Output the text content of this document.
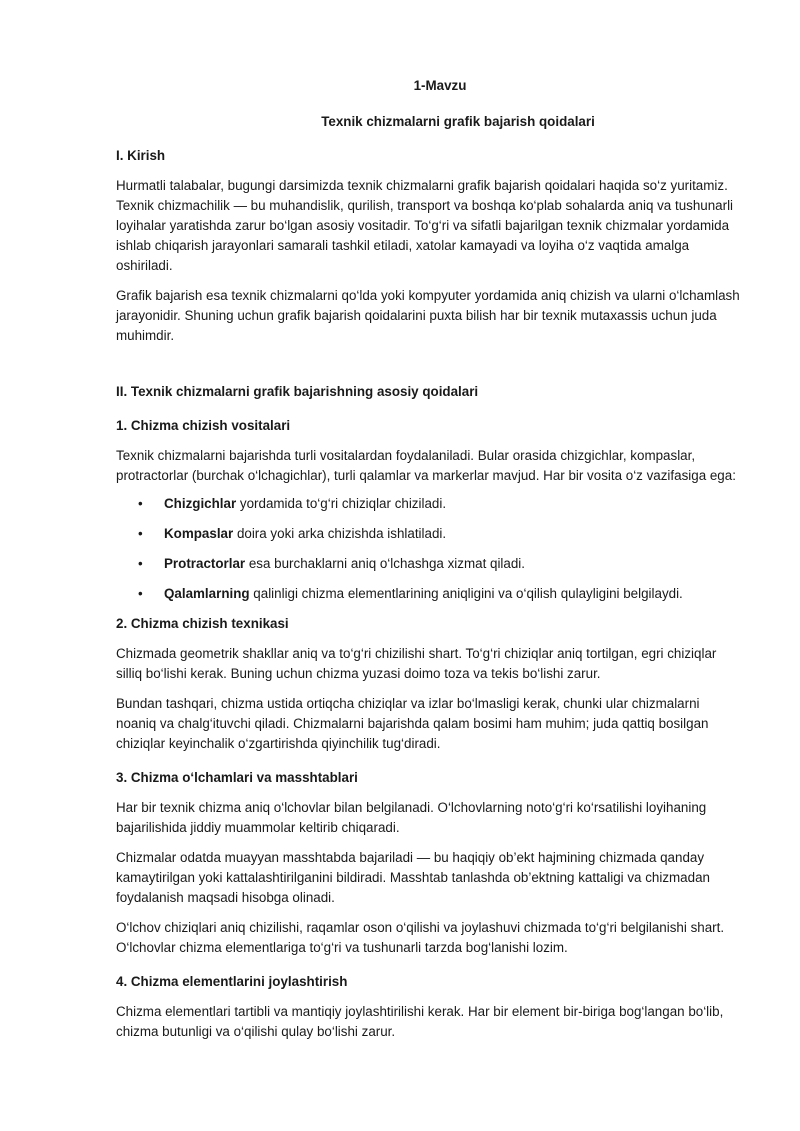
1-Mavzu
Texnik chizmalarni grafik bajarish qoidalari
I. Kirish

Hurmatli talabalar, bugungi darsimizda texnik chizmalarni grafik bajarish qoidalari haqida so‘z yuritamiz. Texnik chizmachilik — bu muhandislik, qurilish, transport va boshqa ko‘plab sohalarda aniq va tushunarli loyihalar yaratishda zarur bo‘lgan asosiy vositadir. To‘g‘ri va sifatli bajarilgan texnik chizmalar yordamida ishlab chiqarish jarayonlari samarali tashkil etiladi, xatolar kamayadi va loyiha o‘z vaqtida amalga oshiriladi.

Grafik bajarish esa texnik chizmalarni qo‘lda yoki kompyuter yordamida aniq chizish va ularni o‘lchamlash jarayonidir. Shuning uchun grafik bajarish qoidalarini puxta bilish har bir texnik mutaxassis uchun juda muhimdir.

II. Texnik chizmalarni grafik bajarishning asosiy qoidalari
1. Chizma chizish vositalari

Texnik chizmalarni bajarishda turli vositalardan foydalaniladi. Bular orasida chizgichlar, kompaslar, protractorlar (burchak o‘lchagichlar), turli qalamlar va markerlar mavjud. Har bir vosita o‘z vazifasiga ega:

• Chizgichlar yordamida to‘g‘ri chiziqlar chiziladi.
• Kompaslar doira yoki arka chizishda ishlatiladi.
• Protractorlar esa burchaklarni aniq o‘lchashga xizmat qiladi.
• Qalamlarning qalinligi chizma elementlarining aniqligini va o‘qilish qulayligini belgilaydi.
2. Chizma chizish texnikasi

Chizmada geometrik shakllar aniq va to‘g‘ri chizilishi shart. To‘g‘ri chiziqlar aniq tortilgan, egri chiziqlar silliq bo‘lishi kerak. Buning uchun chizma yuzasi doimo toza va tekis bo‘lishi zarur.

Bundan tashqari, chizma ustida ortiqcha chiziqlar va izlar bo‘lmasligi kerak, chunki ular chizmalarni noaniq va chalg‘ituvchi qiladi. Chizmalarni bajarishda qalam bosimi ham muhim; juda qattiq bosilgan chiziqlar keyinchalik o‘zgartirishda qiyinchilik tug‘diradi.

3. Chizma o‘lchamlari va masshtablari

Har bir texnik chizma aniq o‘lchovlar bilan belgilanadi. O‘lchovlarning noto‘g‘ri ko‘rsatilishi loyihaning bajarilishida jiddiy muammolar keltirib chiqaradi.

Chizmalar odatda muayyan masshtabda bajariladi — bu haqiqiy ob’ekt hajmining chizmada qanday kamaytirilgan yoki kattalashtirilganini bildiradi. Masshtab tanlashda ob’ektning kattaligi va chizmadan foydalanish maqsadi hisobga olinadi.

O‘lchov chiziqlari aniq chizilishi, raqamlar oson o‘qilishi va joylashuvi chizmada to‘g‘ri belgilanishi shart. O‘lchovlar chizma elementlariga to‘g‘ri va tushunarli tarzda bog‘lanishi lozim.

4. Chizma elementlarini joylashtirish

Chizma elementlari tartibli va mantiqiy joylashtirilishi kerak. Har bir element bir-biriga bog‘langan bo‘lib, chizma butunligi va o‘qilishi qulay bo‘lishi zarur.
